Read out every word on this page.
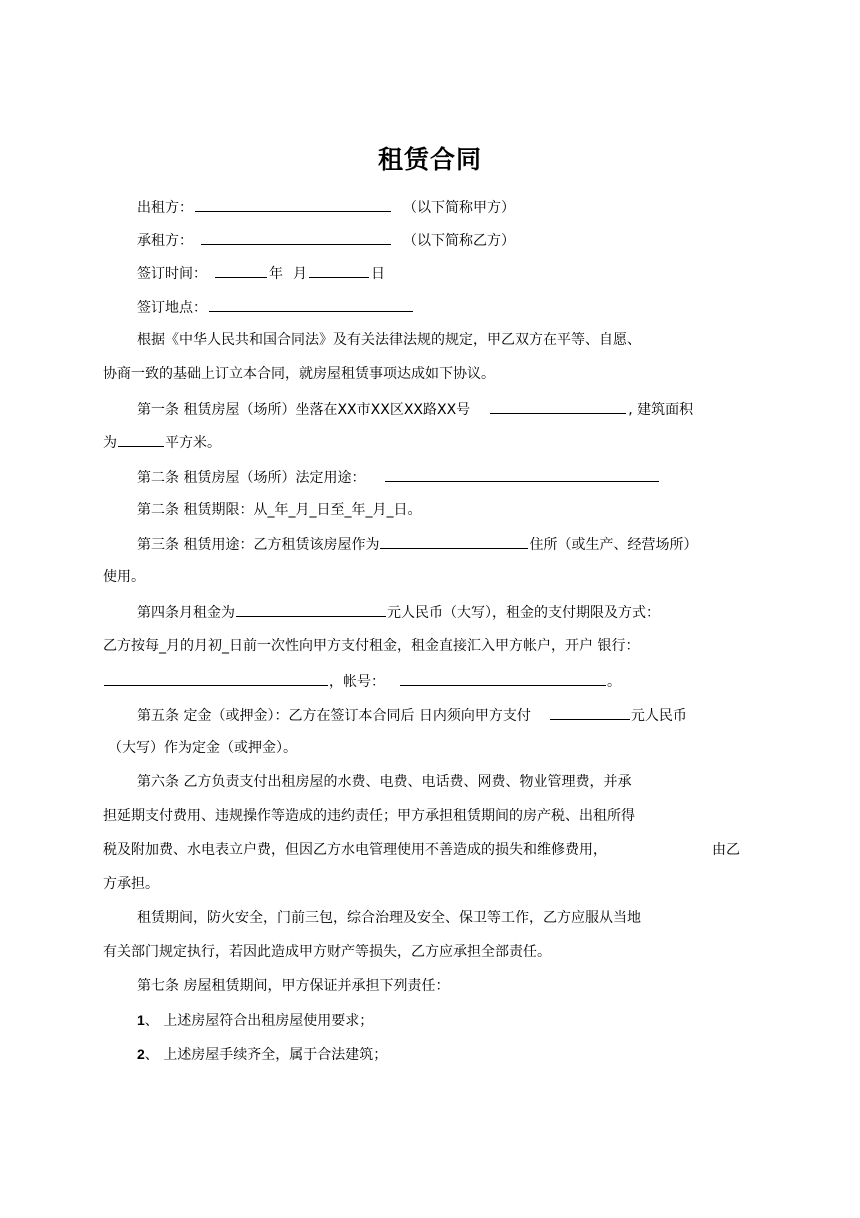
租赁合同
出租方：	（以下简称甲方）
承租方：	（以下简称乙方）
签订时间：	年 月	日
签订地点：
根据《中华人民共和国合同法》及有关法律法规的规定，甲乙双方在平等、自愿、
协商一致的基础上订立本合同，就房屋租赁事项达成如下协议。
第一条 租赁房屋（场所）坐落在XX市XX区XX路XX号	, 建筑面积
为	平方米。
第二条 租赁房屋（场所）法定用途：
第二条 租赁期限：从_年_月_日至_年_月_日。
第三条 租赁用途：乙方租赁该房屋作为	住所（或生产、经营场所）
使用。
第四条月租金为	元人民币（大写），租金的支付期限及方式：
乙方按每_月的月初_日前一次性向甲方支付租金，租金直接汇入甲方帐户，开户 银行：
，帐号：	。
第五条 定金（或押金）：乙方在签订本合同后 日内须向甲方支付	元人民币
（大写）作为定金（或押金）。
第六条 乙方负责支付出租房屋的水费、电费、电话费、网费、物业管理费，并承
担延期支付费用、违规操作等造成的违约责任；甲方承担租赁期间的房产税、出租所得
税及附加费、水电表立户费，但因乙方水电管理使用不善造成的损失和维修费用，	由乙
方承担。
租赁期间，防火安全，门前三包，综合治理及安全、保卫等工作，乙方应服从当地
有关部门规定执行，若因此造成甲方财产等损失，乙方应承担全部责任。
第七条 房屋租赁期间，甲方保证并承担下列责任：
1、 上述房屋符合出租房屋使用要求；
2、 上述房屋手续齐全，属于合法建筑；
